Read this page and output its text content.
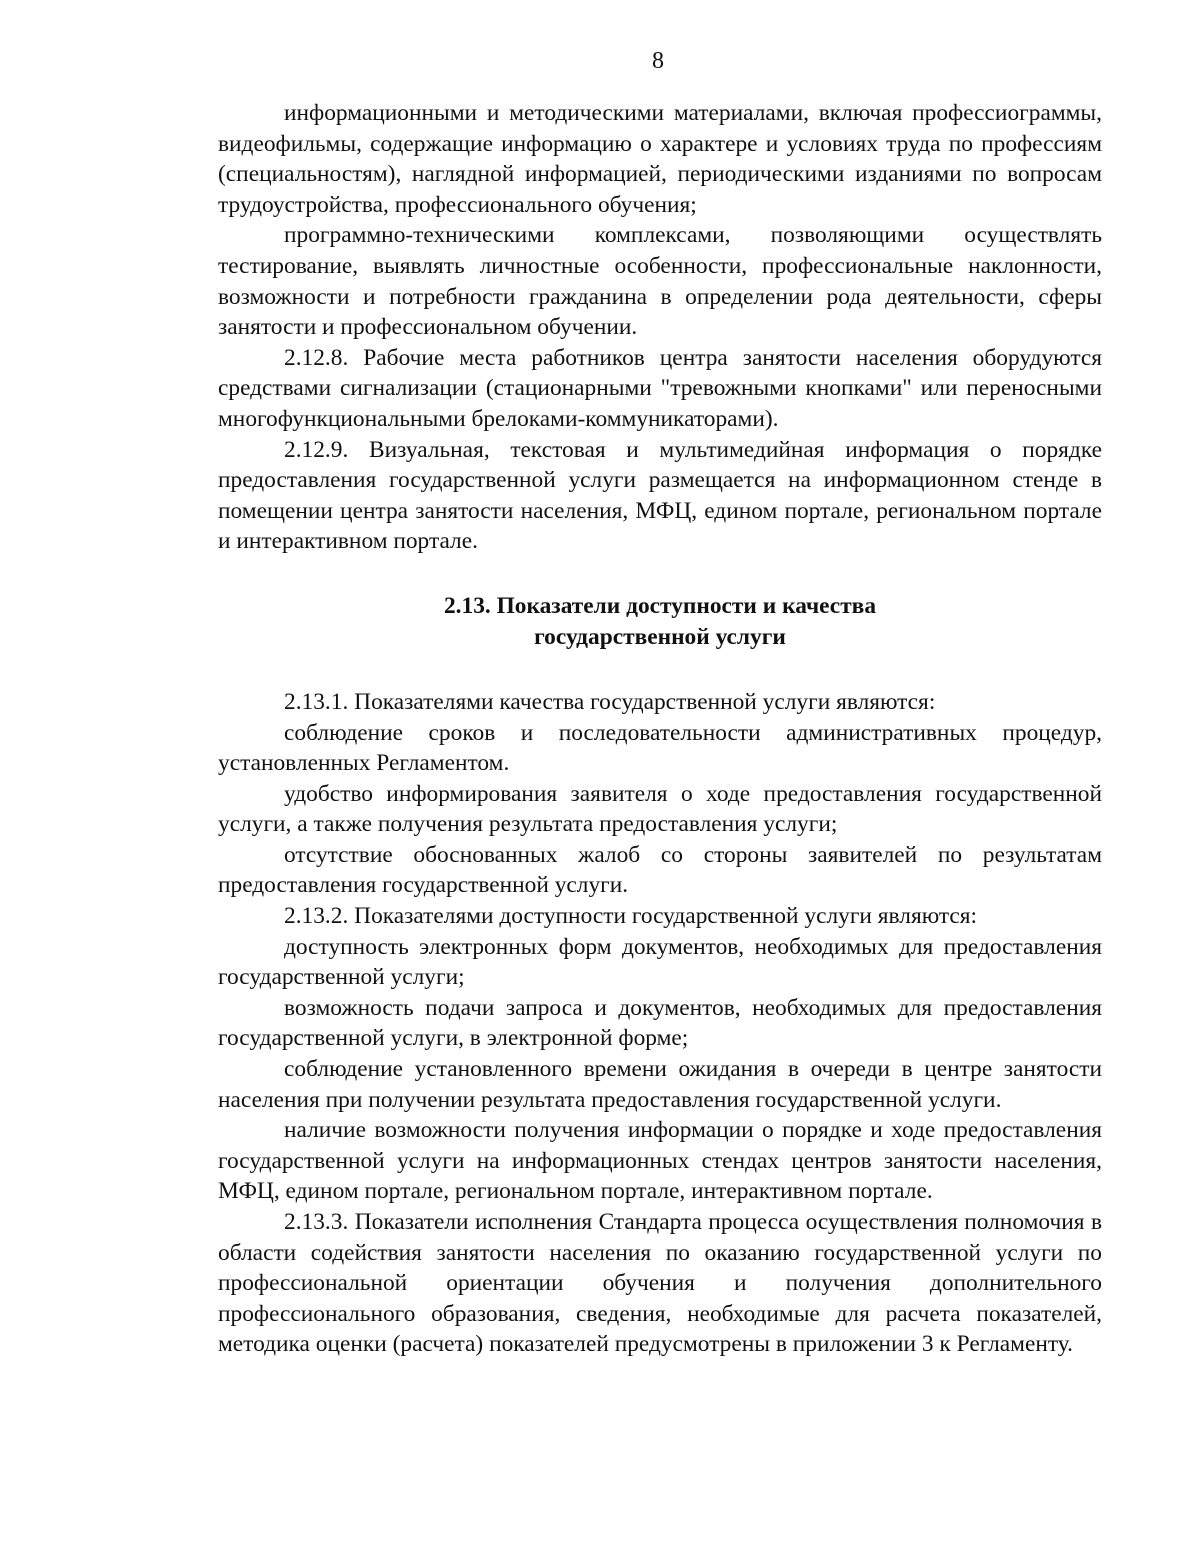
8

информационными и методическими материалами, включая профессиограммы, видеофильмы, содержащие информацию о характере и условиях труда по профессиям (специальностям), наглядной информацией, периодическими изданиями по вопросам трудоустройства, профессионального обучения;

программно-техническими комплексами, позволяющими осуществлять тестирование, выявлять личностные особенности, профессиональные наклонности, возможности и потребности гражданина в определении рода деятельности, сферы занятости и профессиональном обучении.

2.12.8. Рабочие места работников центра занятости населения оборудуются средствами сигнализации (стационарными "тревожными кнопками" или переносными многофункциональными брелоками-коммуникаторами).

2.12.9. Визуальная, текстовая и мультимедийная информация о порядке предоставления государственной услуги размещается на информационном стенде в помещении центра занятости населения, МФЦ, едином портале, региональном портале и интерактивном портале.

2.13. Показатели доступности и качества
государственной услуги

2.13.1. Показателями качества государственной услуги являются:

соблюдение сроков и последовательности административных процедур, установленных Регламентом.

удобство информирования заявителя о ходе предоставления государственной услуги, а также получения результата предоставления услуги;

отсутствие обоснованных жалоб со стороны заявителей по результатам предоставления государственной услуги.

2.13.2. Показателями доступности государственной услуги являются:

доступность электронных форм документов, необходимых для предоставления государственной услуги;

возможность подачи запроса и документов, необходимых для предоставления государственной услуги, в электронной форме;

соблюдение установленного времени ожидания в очереди в центре занятости населения при получении результата предоставления государственной услуги.

наличие возможности получения информации о порядке и ходе предоставления государственной услуги на информационных стендах центров занятости населения, МФЦ, едином портале, региональном портале, интерактивном портале.

2.13.3. Показатели исполнения Стандарта процесса осуществления полномочия в области содействия занятости населения по оказанию государственной услуги по профессиональной ориентации обучения и получения дополнительного профессионального образования, сведения, необходимые для расчета показателей, методика оценки (расчета) показателей предусмотрены в приложении 3 к Регламенту.
